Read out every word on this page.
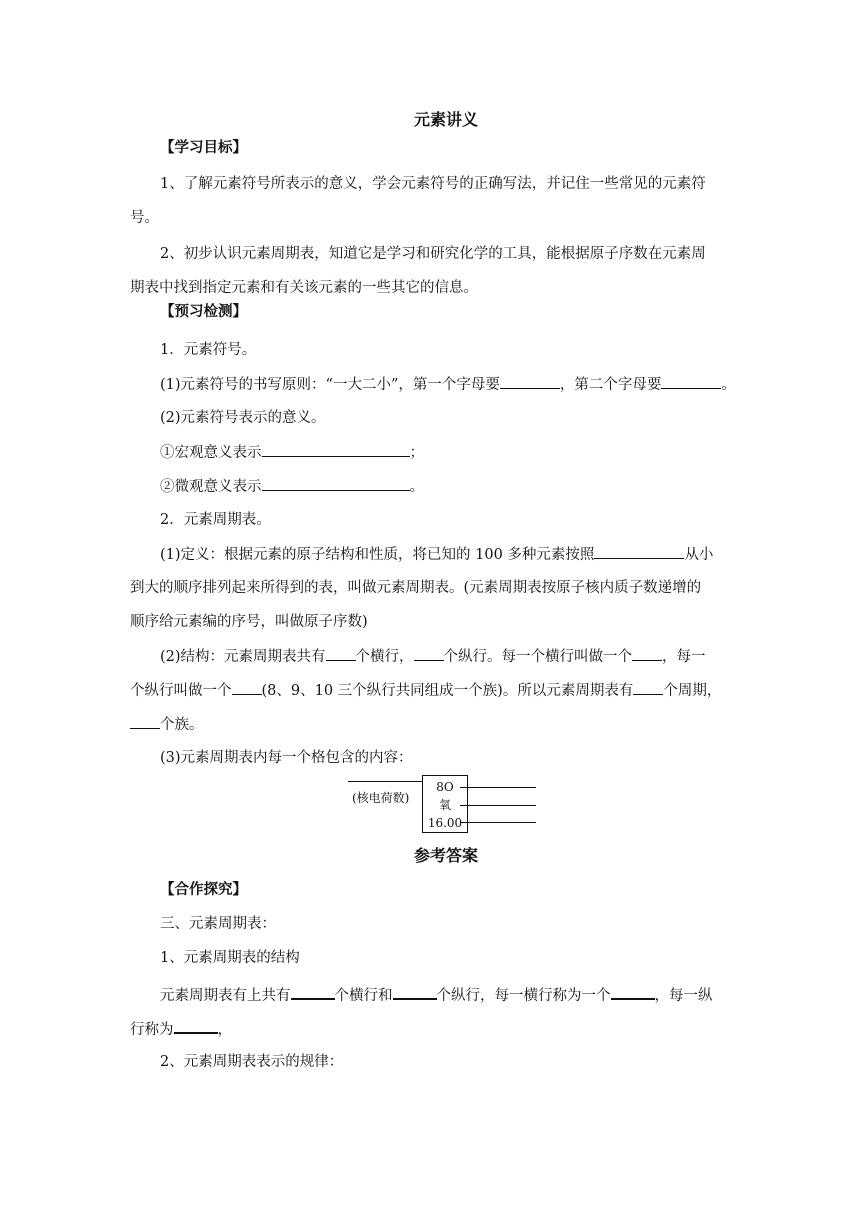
元素讲义
【学习目标】
1、了解元素符号所表示的意义，学会元素符号的正确写法，并记住一些常见的元素符
号。
2、初步认识元素周期表，知道它是学习和研究化学的工具，能根据原子序数在元素周
期表中找到指定元素和有关该元素的一些其它的信息。
【预习检测】
1．元素符号。
(1)元素符号的书写原则：“一大二小”，第一个字母要	，第二个字母要	。
(2)元素符号表示的意义。
①宏观意义表示	；
②微观意义表示	。
2．元素周期表。
(1)定义：根据元素的原子结构和性质，将已知的 100 多种元素按照	从小
到大的顺序排列起来所得到的表，叫做元素周期表。(元素周期表按原子核内质子数递增的
顺序给元素编的序号，叫做原子序数)
(2)结构：元素周期表共有 个横行， 个纵行。每一个横行叫做一个 ，每一
个纵行叫做一个 (8、9、10 三个纵行共同组成一个族)。所以元素周期表有 个周期，
个族。
(3)元素周期表内每一个格包含的内容：
(核电荷数)
8O
氧
16.00
参考答案
【合作探究】
三、元素周期表：
1、元素周期表的结构
元素周期表有上共有	个横行和	个纵行，每一横行称为一个	，每一纵
行称为	，
2、元素周期表表示的规律：
